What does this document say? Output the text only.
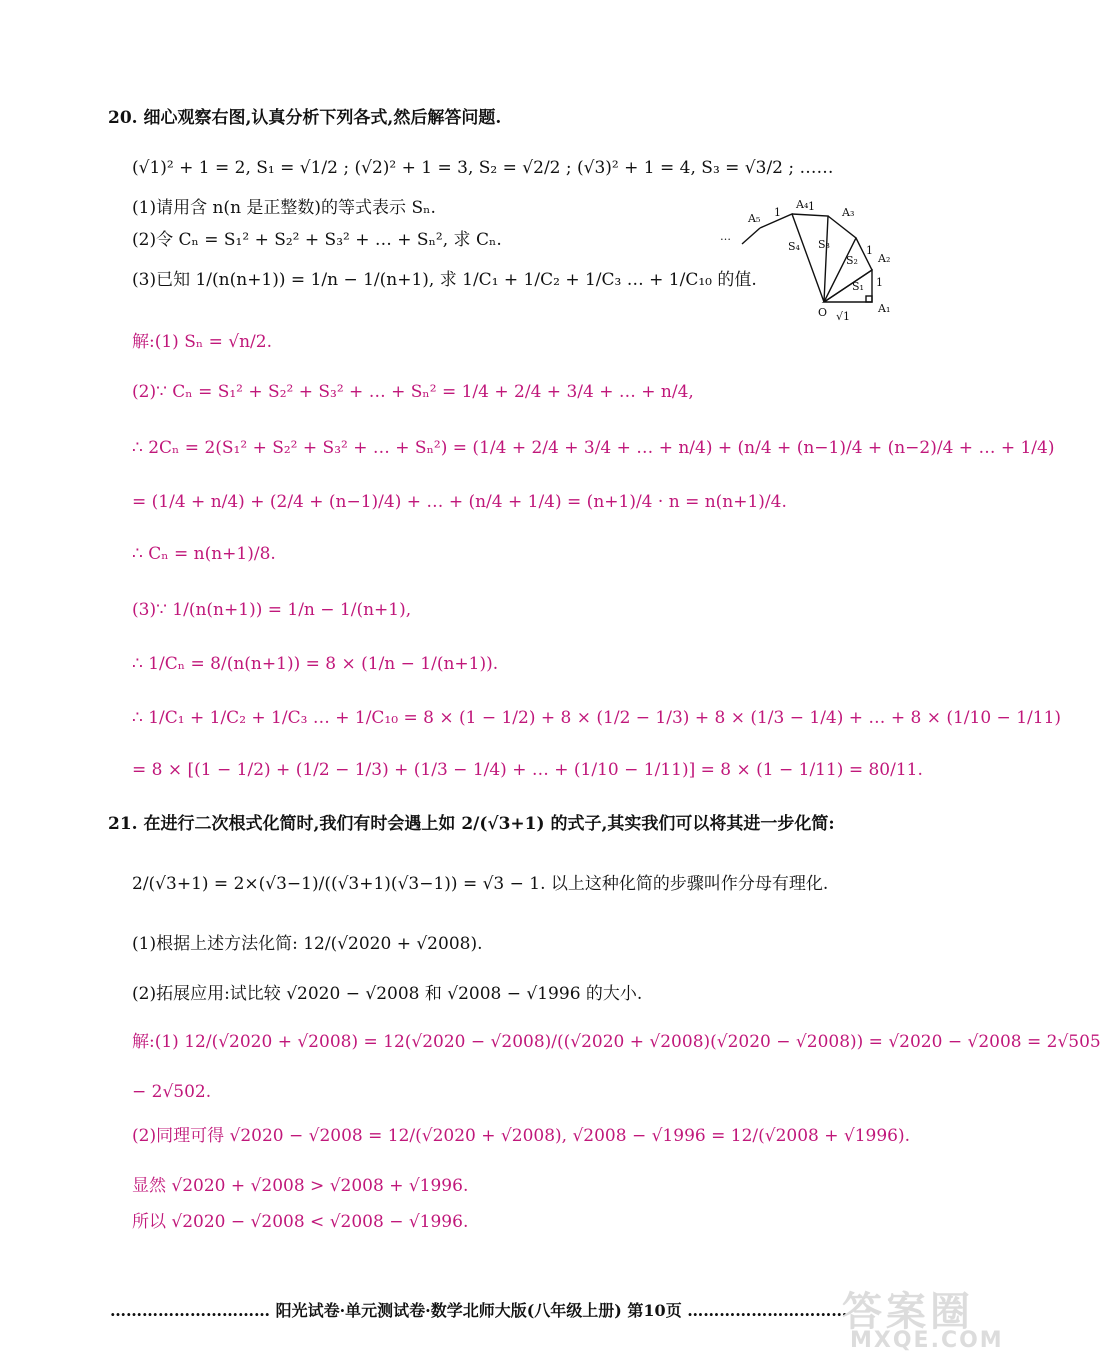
20. 细心观察右图,认真分析下列各式,然后解答问题.
(√1)² + 1 = 2, S₁ = √1/2 ; (√2)² + 1 = 3, S₂ = √2/2 ; (√3)² + 1 = 4, S₃ = √3/2 ; ……
(1)请用含 n(n 是正整数)的等式表示 Sₙ.
(2)令 Cₙ = S₁² + S₂² + S₃² + … + Sₙ², 求 Cₙ.
(3)已知 1/(n(n+1)) = 1/n − 1/(n+1), 求 1/C₁ + 1/C₂ + 1/C₃ … + 1/C₁₀ 的值.
A₅
A₄
A₃
A₂
A₁
O
S₄ S₃
S₂
S₁
1 1
1
1
√1
…
解:(1) Sₙ = √n/2.
(2)∵ Cₙ = S₁² + S₂² + S₃² + … + Sₙ² = 1/4 + 2/4 + 3/4 + … + n/4,
∴ 2Cₙ = 2(S₁² + S₂² + S₃² + … + Sₙ²) = (1/4 + 2/4 + 3/4 + … + n/4) + (n/4 + (n−1)/4 + (n−2)/4 + … + 1/4)
= (1/4 + n/4) + (2/4 + (n−1)/4) + … + (n/4 + 1/4) = (n+1)/4 · n = n(n+1)/4.
∴ Cₙ = n(n+1)/8.
(3)∵ 1/(n(n+1)) = 1/n − 1/(n+1),
∴ 1/Cₙ = 8/(n(n+1)) = 8 × (1/n − 1/(n+1)).
∴ 1/C₁ + 1/C₂ + 1/C₃ … + 1/C₁₀ = 8 × (1 − 1/2) + 8 × (1/2 − 1/3) + 8 × (1/3 − 1/4) + … + 8 × (1/10 − 1/11)
= 8 × [(1 − 1/2) + (1/2 − 1/3) + (1/3 − 1/4) + … + (1/10 − 1/11)] = 8 × (1 − 1/11) = 80/11.
21. 在进行二次根式化简时,我们有时会遇上如 2/(√3+1) 的式子,其实我们可以将其进一步化简:
2/(√3+1) = 2×(√3−1)/((√3+1)(√3−1)) = √3 − 1. 以上这种化简的步骤叫作分母有理化.
(1)根据上述方法化简: 12/(√2020 + √2008).
(2)拓展应用:试比较 √2020 − √2008 和 √2008 − √1996 的大小.
解:(1) 12/(√2020 + √2008) = 12(√2020 − √2008)/((√2020 + √2008)(√2020 − √2008)) = √2020 − √2008 = 2√505
− 2√502.
(2)同理可得 √2020 − √2008 = 12/(√2020 + √2008), √2008 − √1996 = 12/(√2008 + √1996).
显然 √2020 + √2008 > √2008 + √1996.
所以 √2020 − √2008 < √2008 − √1996.
………………………… 阳光试卷·单元测试卷·数学北师大版(八年级上册) 第10页 …………………………
答案圈
MXQE.COM
